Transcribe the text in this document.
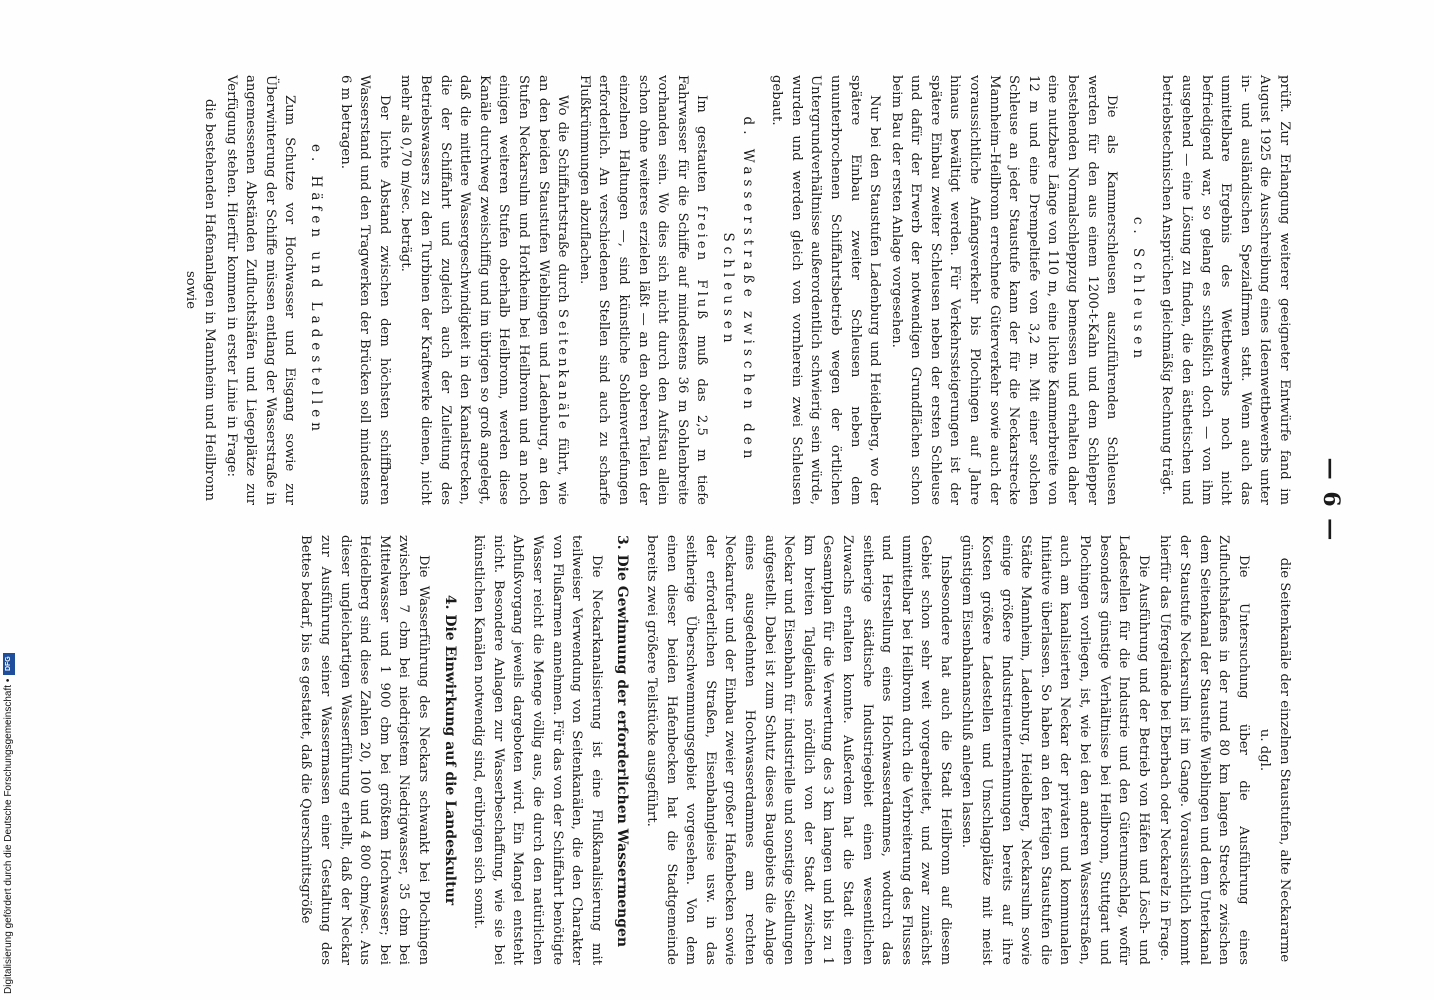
— 6 —

prüft. Zur Erlangung weiterer geeigneter Entwürfe fand im August 1925 die Ausschreibung eines Ideenwettbewerbs unter in- und ausländischen Spezialfirmen statt. Wenn auch das unmittelbare Ergebnis des Wettbewerbs noch nicht befriedigend war, so gelang es schließlich doch — von ihm ausgehend — eine Lösung zu finden, die den ästhetischen und betriebstechnischen Ansprüchen gleichmäßig Rechnung trägt.

c. Schleusen

Die als Kammerschleusen auszuführenden Schleusen werden für den aus einem 1200-t-Kahn und dem Schlepper bestehenden Normalschleppzug bemessen und erhalten daher eine nutzbare Länge von 110 m, eine lichte Kammerbreite von 12 m und eine Drempeltiefe von 3,2 m. Mit einer solchen Schleuse an jeder Staustufe kann der für die Neckarstrecke Mannheim–Heilbronn errechnete Güterverkehr sowie auch der voraussichtliche Anfangsverkehr bis Plochingen auf Jahre hinaus bewältigt werden. Für Verkehrssteigerungen ist der spätere Einbau zweiter Schleusen neben der ersten Schleuse und dafür der Erwerb der notwendigen Grundflächen schon beim Bau der ersten Anlage vorgesehen.

Nur bei den Staustufen Ladenburg und Heidelberg, wo der spätere Einbau zweiter Schleusen neben dem ununterbrochenen Schiffahrtsbetrieb wegen der örtlichen Untergrundverhältnisse außerordentlich schwierig sein würde, wurden und werden gleich von vornherein zwei Schleusen gebaut.

d. Wasserstraße zwischen den Schleusen

Im gestauten freien Fluß muß das 2,5 m tiefe Fahrwasser für die Schiffe auf mindestens 36 m Sohlenbreite vorhanden sein. Wo dies sich nicht durch den Aufstau allein schon ohne weiteres erzielen läßt — an den oberen Teilen der einzelnen Haltungen —, sind künstliche Sohlenvertiefungen erforderlich. An verschiedenen Stellen sind auch zu scharfe Flußkrümmungen abzuflachen.

Wo die Schiffahrtstraße durch Seitenkanäle führt, wie an den beiden Staustufen Wieblingen und Ladenburg, an den Stufen Neckarsulm und Horkheim bei Heilbronn und an noch einigen weiteren Stufen oberhalb Heilbronn, werden diese Kanäle durchweg zweischiffig und im übrigen so groß angelegt, daß die mittlere Wassergeschwindigkeit in den Kanalstrecken, die der Schiffahrt und zugleich auch der Zuleitung des Betriebswassers zu den Turbinen der Kraftwerke dienen, nicht mehr als 0,70 m/sec. beträgt.

Der lichte Abstand zwischen dem höchsten schiffbaren Wasserstand und den Tragwerken der Brücken soll mindestens 6 m betragen.

e. Häfen und Ladestellen

Zum Schutze vor Hochwasser und Eisgang sowie zur Überwinterung der Schiffe müssen entlang der Wasserstraße in angemessenen Abständen Zufluchtshäfen und Liegeplätze zur Verfügung stehen. Hierfür kommen in erster Linie in Frage:

die bestehenden Hafenanlagen in Mannheim und Heilbronn sowie

die Seitenkanäle der einzelnen Staustufen, alte Neckararme u. dgl.

Die Untersuchung über die Ausführung eines Zufluchtshafens in der rund 80 km langen Strecke zwischen dem Seitenkanal der Staustufe Wieblingen und dem Unterkanal der Staustufe Neckarsulm ist im Gange. Voraussichtlich kommt hierfür das Ufergelände bei Eberbach oder Neckarelz in Frage.

Die Ausführung und der Betrieb von Häfen und Lösch- und Ladestellen für die Industrie und den Güterumschlag, wofür besonders günstige Verhältnisse bei Heilbronn, Stuttgart und Plochingen vorliegen, ist, wie bei den anderen Wasserstraßen, auch am kanalisierten Neckar der privaten und kommunalen Initiative überlassen. So haben an den fertigen Staustufen die Städte Mannheim, Ladenburg, Heidelberg, Neckarsulm sowie einige größere Industrieunternehmungen bereits auf ihre Kosten größere Ladestellen und Umschlagplätze mit meist günstigem Eisenbahnanschluß anlegen lassen.

Insbesondere hat auch die Stadt Heilbronn auf diesem Gebiet schon sehr weit vorgearbeitet, und zwar zunächst unmittelbar bei Heilbronn durch die Verbreiterung des Flusses und Herstellung eines Hochwasserdammes, wodurch das seitherige städtische Industriegebiet einen wesentlichen Zuwachs erhalten konnte. Außerdem hat die Stadt einen Gesamtplan für die Verwertung des 3 km langen und bis zu 1 km breiten Talgeländes nördlich von der Stadt zwischen Neckar und Eisenbahn für industrielle und sonstige Siedlungen aufgestellt. Dabei ist zum Schutz dieses Baugebiets die Anlage eines ausgedehnten Hochwasserdammes am rechten Neckarufer und der Einbau zweier großer Hafenbecken sowie der erforderlichen Straßen, Eisenbahngleise usw. in das seitherige Überschwemmungsgebiet vorgesehen. Von dem einen dieser beiden Hafenbecken hat die Stadtgemeinde bereits zwei größere Teilstücke ausgeführt.

3. Die Gewinnung der erforderlichen Wassermengen

Die Neckarkanalisierung ist eine Flußkanalisierung mit teilweiser Verwendung von Seitenkanälen, die den Charakter von Flußarmen annehmen. Für das von der Schiffahrt benötigte Wasser reicht die Menge völlig aus, die durch den natürlichen Abflußvorgang jeweils dargeboten wird. Ein Mangel entsteht nicht. Besondere Anlagen zur Wasserbeschaffung, wie sie bei künstlichen Kanälen notwendig sind, erübrigen sich somit.

4. Die Einwirkung auf die Landeskultur

Die Wasserführung des Neckars schwankt bei Plochingen zwischen 7 cbm bei niedrigstem Niedrigwasser, 35 cbm bei Mittelwasser und 1 900 cbm bei größtem Hochwasser; bei Heidelberg sind diese Zahlen 20, 100 und 4 800 cbm/sec. Aus dieser ungleichartigen Wasserführung erhellt, daß der Neckar zur Ausführung seiner Wassermassen einer Gestaltung des Bettes bedarf, bis es gestattet, daß die Querschnittsgröße

Digitalisierung gefördert durch die Deutsche Forschungsgemeinschaft •
DFG
